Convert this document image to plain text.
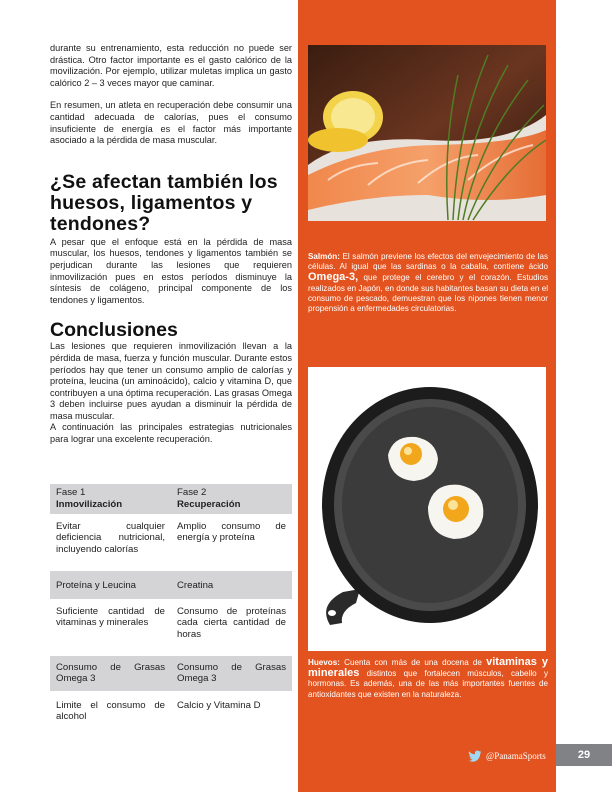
durante su entrenamiento, esta reducción no puede ser drástica. Otro factor importante es el gasto calórico de la movilización. Por ejemplo, utilizar muletas implica un gasto calórico 2 – 3 veces mayor que caminar.

En resumen, un atleta en recuperación debe consumir una cantidad adecuada de calorías, pues el consumo insuficiente de energía es el factor más importante asociado a la pérdida de masa muscular.

¿Se afectan también los huesos, ligamentos y tendones?

A pesar que el enfoque está en la pérdida de masa muscular, los huesos, tendones y ligamentos también se perjudican durante las lesiones que requieren inmovilización pues en estos períodos disminuye la síntesis de colágeno, principal componente de los tendones y ligamentos.

Conclusiones

Las lesiones que requieren inmovilización llevan a la pérdida de masa, fuerza y función muscular. Durante estos períodos hay que tener un consumo amplio de calorías y proteína, leucina (un aminoácido), calcio y vitamina D, que contribuyen a una óptima recuperación. Las grasas Omega 3 deben incluirse pues ayudan a disminuir la pérdida de masa muscular.

A continuación las principales estrategias nutricionales para lograr una excelente recuperación.

Fase 1
Inmovilización
Fase 2
Recuperación
Evitar cualquier deficiencia nutricional, incluyendo calorías
Amplio consumo de energía y proteína
Proteína y Leucina	Creatina
Suficiente cantidad de vitaminas y minerales
Consumo de proteínas cada cierta cantidad de horas
Consumo de Grasas Omega 3
Consumo de Grasas Omega 3
Limite el consumo de alcohol
Calcio y Vitamina D

Salmón: El salmón previene los efectos del envejecimiento de las células. Al igual que las sardinas o la caballa, contiene ácido Omega-3, que protege el cerebro y el corazón. Estudios realizados en Japón, en donde sus habitantes basan su dieta en el consumo de pescado, demuestran que los nipones tienen menor propensión a enfermedades circulatorias.

Huevos: Cuenta con más de una docena de vitaminas y minerales distintos que fortalecen músculos, cabello y hormonas. Es además, una de las más importantes fuentes de antioxidantes que existen en la naturaleza.

@PanamaSports	29
